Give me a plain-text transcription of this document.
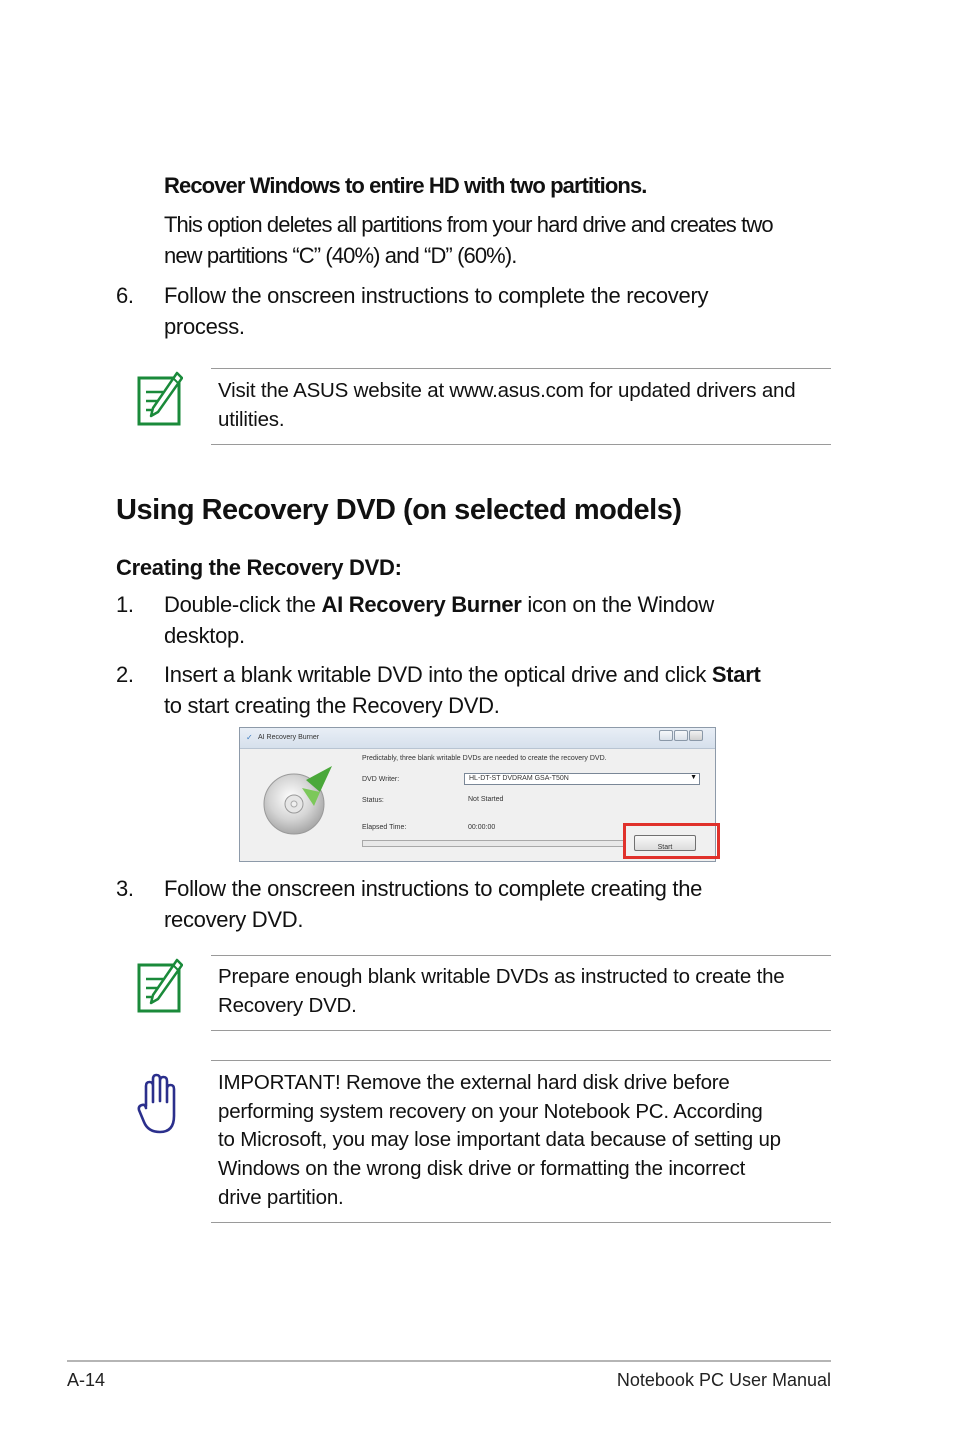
Recover Windows to entire HD with two partitions.

This option deletes all partitions from your hard drive and creates two

new partitions “C” (40%) and “D” (60%).

6. Follow the onscreen instructions to complete the recovery

process.

Visit the ASUS website at www.asus.com for updated drivers and

utilities.

Using Recovery DVD (on selected models)
Creating the Recovery DVD:
1. Double-click the AI Recovery Burner icon on the Window

desktop.

2. Insert a blank writable DVD into the optical drive and click Start

to start creating the Recovery DVD.

✓ AI Recovery Burner
Predictably, three blank writable DVDs are needed to create the recovery DVD.
DVD Writer:	HL-DT-ST DVDRAM GSA-T50N	▼
Status:	Not Started
Elapsed Time:	00:00:00
Start
3. Follow the onscreen instructions to complete creating the

recovery DVD.

Prepare enough blank writable DVDs as instructed to create the

Recovery DVD.

IMPORTANT! Remove the external hard disk drive before

performing system recovery on your Notebook PC. According

to Microsoft, you may lose important data because of setting up

Windows on the wrong disk drive or formatting the incorrect

drive partition.

A-14	Notebook PC User Manual
